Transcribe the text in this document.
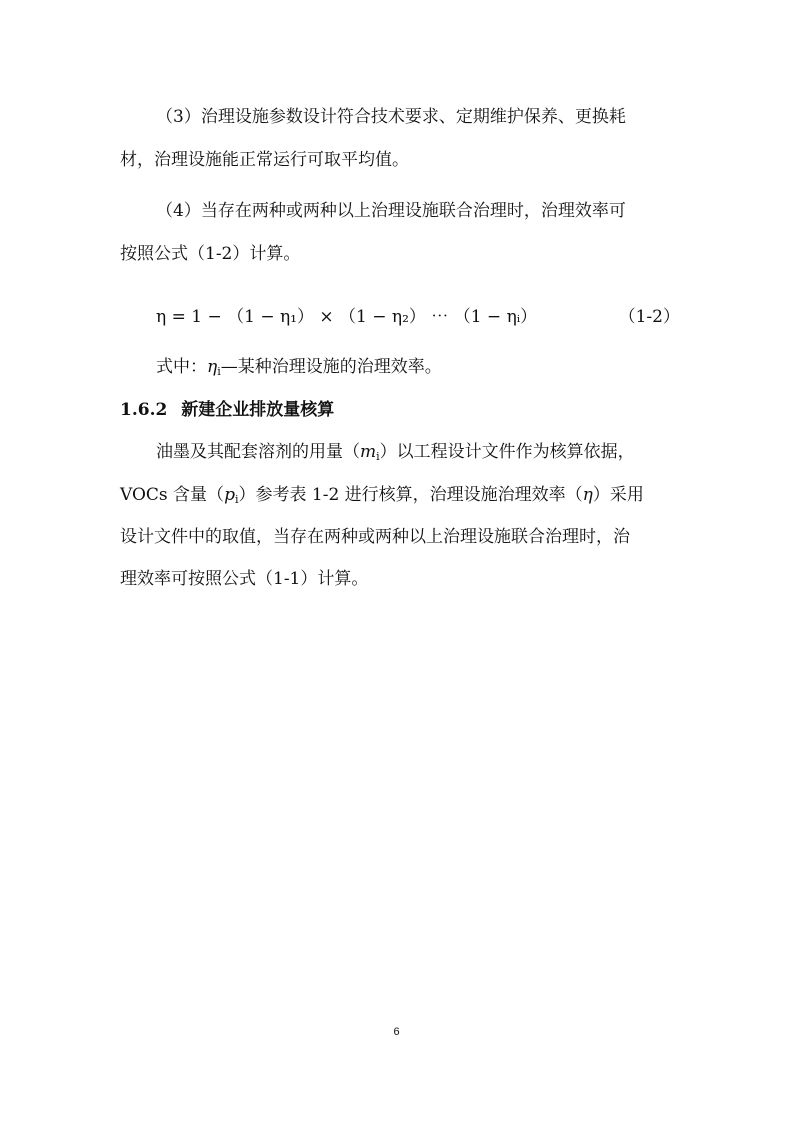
（3）治理设施参数设计符合技术要求、定期维护保养、更换耗
材，治理设施能正常运行可取平均值。
（4）当存在两种或两种以上治理设施联合治理时，治理效率可
按照公式（1-2）计算。
η = 1 − （1 − η₁） × （1 − η₂） ⋯ （1 − ηᵢ）	（1-2）
式中：$\eta_i—$某种治理设施的治理效率。
1.6.2 新建企业排放量核算
油墨及其配套溶剂的用量$(m_i)$以工程设计文件作为核算依据，
VOCs 含量$(p_i)$参考表 1-2 进行核算，治理设施治理效率（η）采用
设计文件中的取值，当存在两种或两种以上治理设施联合治理时，治
理效率可按照公式（1-1）计算。
6
